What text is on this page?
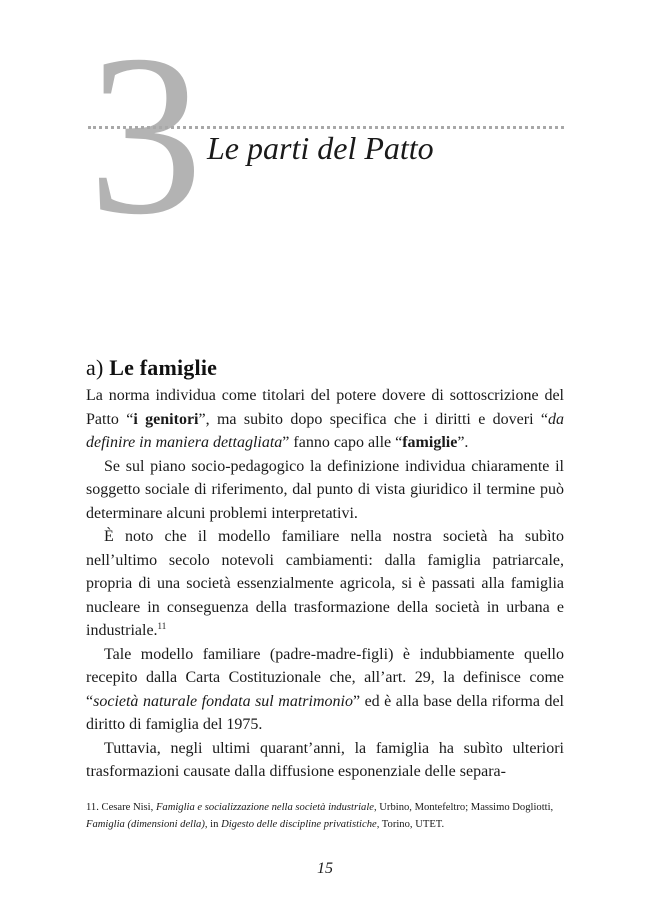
3 Le parti del Patto
a) Le famiglie

La norma individua come titolari del potere dovere di sottoscrizione del Patto “i genitori”, ma subito dopo specifica che i diritti e doveri “da definire in maniera dettagliata” fanno capo alle “famiglie”.

Se sul piano socio-pedagogico la definizione individua chiaramente il soggetto sociale di riferimento, dal punto di vista giuridico il termine può determinare alcuni problemi interpretativi.

È noto che il modello familiare nella nostra società ha subìto nell’ultimo secolo notevoli cambiamenti: dalla famiglia patriarcale, propria di una società essenzialmente agricola, si è passati alla famiglia nucleare in conseguenza della trasformazione della società in urbana e industriale.$^{11}$

Tale modello familiare (padre-madre-figli) è indubbiamente quello recepito dalla Carta Costituzionale che, all’art. 29, la definisce come “società naturale fondata sul matrimonio” ed è alla base della riforma del diritto di famiglia del 1975.

Tuttavia, negli ultimi quarant’anni, la famiglia ha subìto ulteriori trasformazioni causate dalla diffusione esponenziale delle separa-

11. Cesare Nisi, Famiglia e socializzazione nella società industriale, Urbino, Montefeltro; Massimo Dogliotti, Famiglia (dimensioni della), in Digesto delle discipline privatistiche, Torino, UTET.
15
